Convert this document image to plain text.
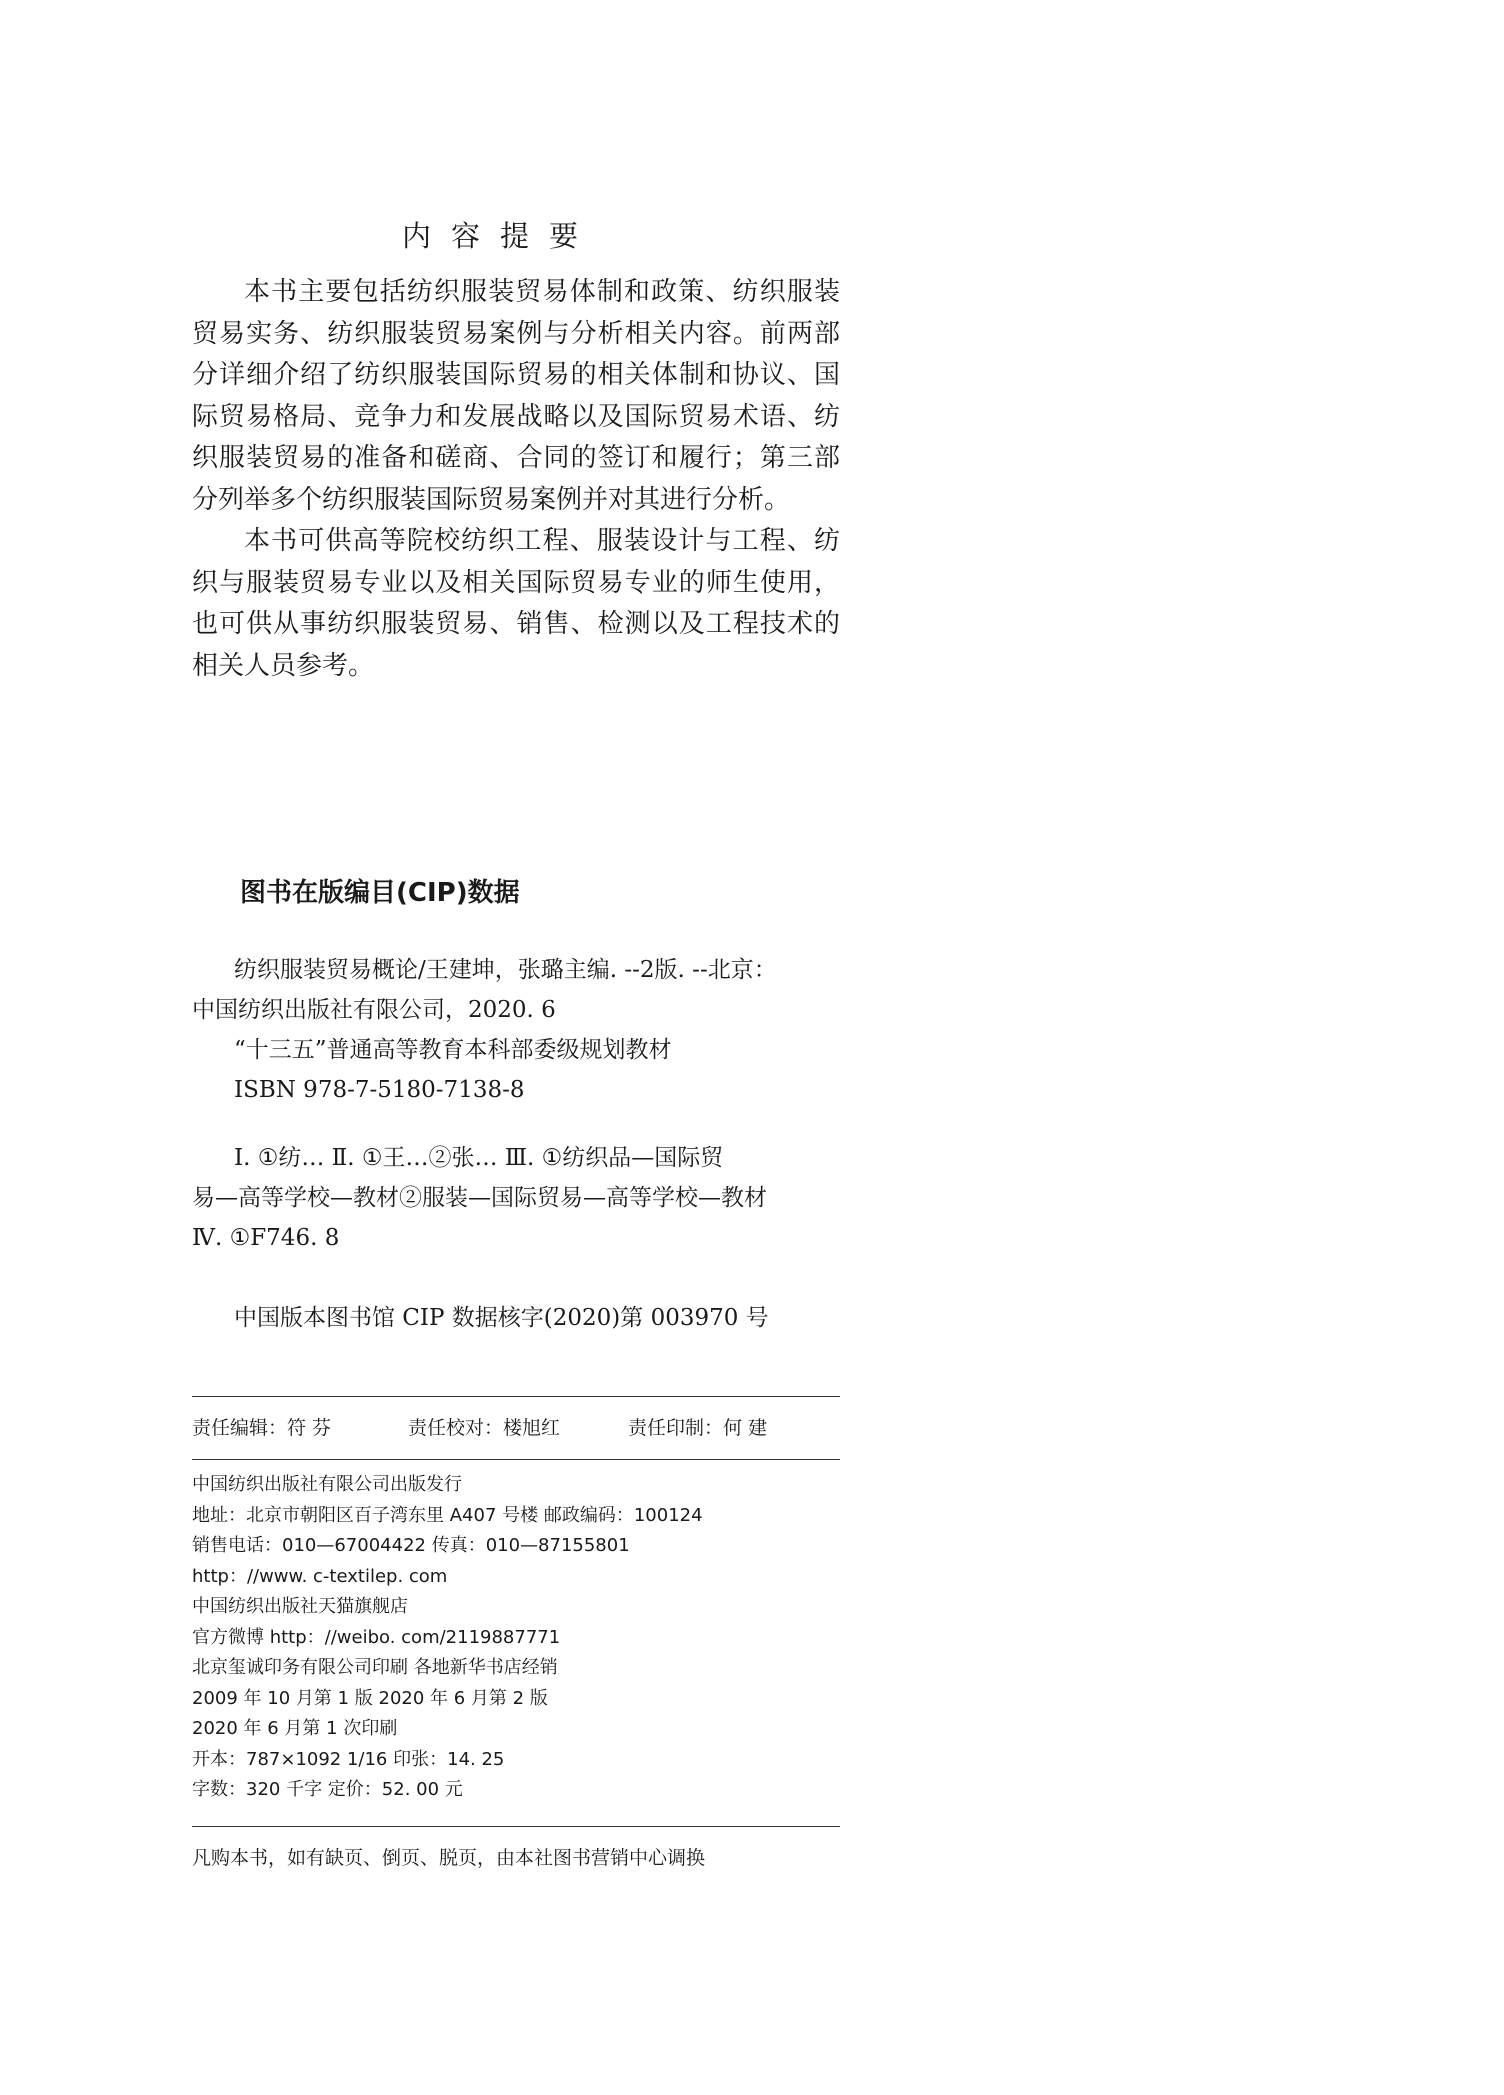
内容提要

本书主要包括纺织服装贸易体制和政策、纺织服装贸易实务、纺织服装贸易案例与分析相关内容。前两部分详细介绍了纺织服装国际贸易的相关体制和协议、国际贸易格局、竞争力和发展战略以及国际贸易术语、纺织服装贸易的准备和磋商、合同的签订和履行；第三部分列举多个纺织服装国际贸易案例并对其进行分析。

本书可供高等院校纺织工程、服装设计与工程、纺织与服装贸易专业以及相关国际贸易专业的师生使用，也可供从事纺织服装贸易、销售、检测以及工程技术的相关人员参考。

图书在版编目(CIP)数据
纺织服装贸易概论/王建坤，张璐主编. --2版. --北京：
中国纺织出版社有限公司，2020. 6
“十三五”普通高等教育本科部委级规划教材
ISBN 978-7-5180-7138-8
Ⅰ. ①纺… Ⅱ. ①王…②张… Ⅲ. ①纺织品—国际贸
易—高等学校—教材②服装—国际贸易—高等学校—教材
Ⅳ. ①F746. 8
中国版本图书馆 CIP 数据核字(2020)第 003970 号
责任编辑：符 芬	责任校对：楼旭红	责任印制：何 建
中国纺织出版社有限公司出版发行
地址：北京市朝阳区百子湾东里 A407 号楼 邮政编码：100124
销售电话：010—67004422 传真：010—87155801
http：//www. c-textilep. com
中国纺织出版社天猫旗舰店
官方微博 http：//weibo. com/2119887771
北京玺诚印务有限公司印刷 各地新华书店经销
2009 年 10 月第 1 版 2020 年 6 月第 2 版
2020 年 6 月第 1 次印刷
开本：787×1092 1/16 印张：14. 25
字数：320 千字 定价：52. 00 元
凡购本书，如有缺页、倒页、脱页，由本社图书营销中心调换
